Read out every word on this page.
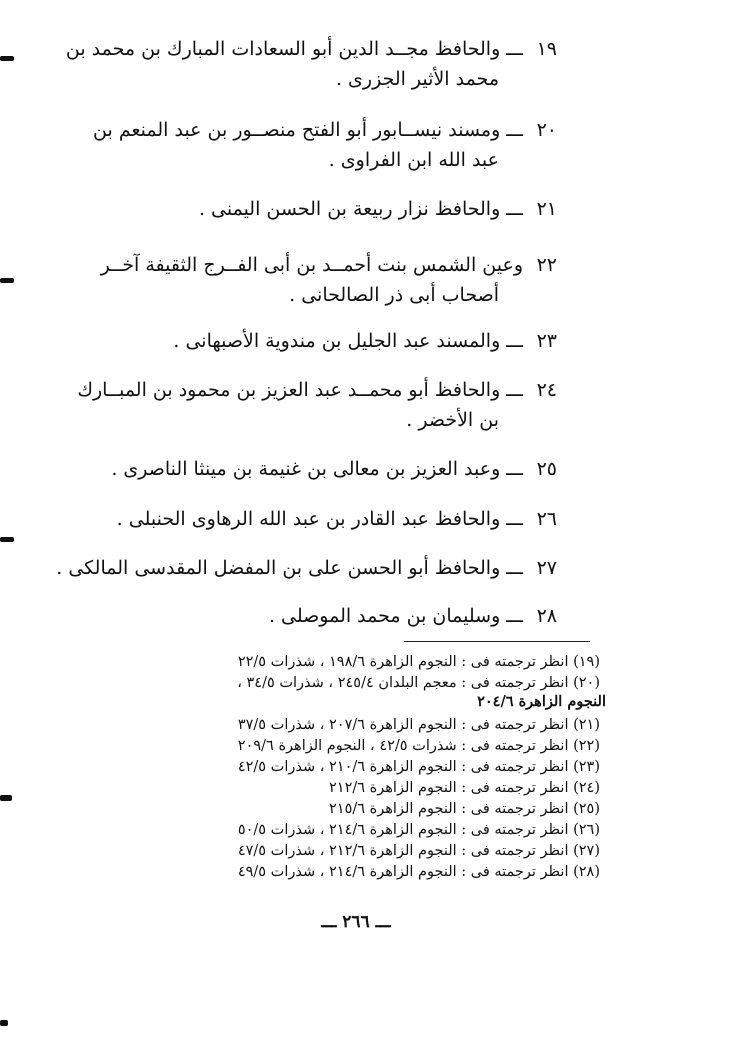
١٩ـــ والحافظ مجــد الدين أبو السعادات المبارك بن محمد بن
محمد الأثير الجزرى .
٢٠ـــ ومسند نيســابور أبو الفتح منصــور بن عبد المنعم بن
عبد الله ابن الفراوى .
٢١ـــ والحافظ نزار ربيعة بن الحسن اليمنى .
٢٢وعين الشمس بنت أحمــد بن أبى الفــرج الثقيفة آخــر
أصحاب أبى ذر الصالحانى .
٢٣ـــ والمسند عبد الجليل بن مندوية الأصبهانى .
٢٤ـــ والحافظ أبو محمــد عبد العزيز بن محمود بن المبــارك
بن الأخضر .
٢٥ـــ وعبد العزيز بن معالى بن غنيمة بن مينثا الناصرى .
٢٦ـــ والحافظ عبد القادر بن عبد الله الرهاوى الحنبلى .
٢٧ـــ والحافظ أبو الحسن على بن المفضل المقدسى المالكى .
٢٨ـــ وسليمان بن محمد الموصلى .
(١٩) انظر ترجمته فى : النجوم الزاهرة ١٩٨/٦ ، شذرات ٢٢/٥
(٢٠) انظر ترجمته فى : معجم البلدان ٢٤٥/٤ ، شذرات ٣٤/٥ ،
النجوم الزاهرة ٢٠٤/٦
(٢١) انظر ترجمته فى : النجوم الزاهرة ٢٠٧/٦ ، شذرات ٣٧/٥
(٢٢) انظر ترجمته فى : شذرات ٤٢/٥ ، النجوم الزاهرة ٢٠٩/٦
(٢٣) انظر ترجمته فى : النجوم الزاهرة ٢١٠/٦ ، شذرات ٤٢/٥
(٢٤) انظر ترجمته فى : النجوم الزاهرة ٢١٢/٦
(٢٥) انظر ترجمته فى : النجوم الزاهرة ٢١٥/٦
(٢٦) انظر ترجمته فى : النجوم الزاهرة ٢١٤/٦ ، شذرات ٥٠/٥
(٢٧) انظر ترجمته فى : النجوم الزاهرة ٢١٢/٦ ، شذرات ٤٧/٥
(٢٨) انظر ترجمته فى : النجوم الزاهرة ٢١٤/٦ ، شذرات ٤٩/٥
ـــ ٢٦٦ ـــ
